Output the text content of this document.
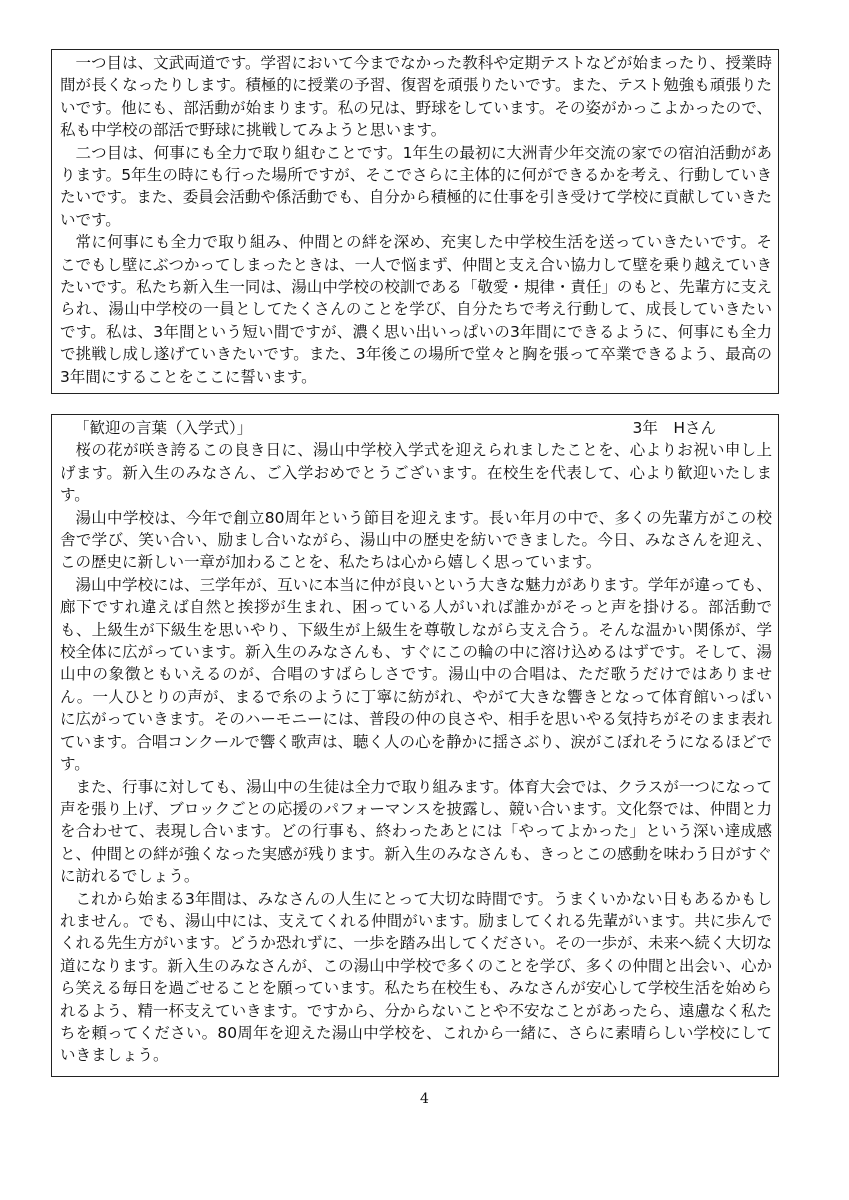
一つ目は、文武両道です。学習において今までなかった教科や定期テストなどが始まったり、授業時間が長くなったりします。積極的に授業の予習、復習を頑張りたいです。また、テスト勉強も頑張りたいです。他にも、部活動が始まります。私の兄は、野球をしています。その姿がかっこよかったので、私も中学校の部活で野球に挑戦してみようと思います。

二つ目は、何事にも全力で取り組むことです。1年生の最初に大洲青少年交流の家での宿泊活動があります。5年生の時にも行った場所ですが、そこでさらに主体的に何ができるかを考え、行動していきたいです。また、委員会活動や係活動でも、自分から積極的に仕事を引き受けて学校に貢献していきたいです。

常に何事にも全力で取り組み、仲間との絆を深め、充実した中学校生活を送っていきたいです。そこでもし壁にぶつかってしまったときは、一人で悩まず、仲間と支え合い協力して壁を乗り越えていきたいです。私たち新入生一同は、湯山中学校の校訓である「敬愛・規律・責任」のもと、先輩方に支えられ、湯山中学校の一員としてたくさんのことを学び、自分たちで考え行動して、成長していきたいです。私は、3年間という短い間ですが、濃く思い出いっぱいの3年間にできるように、何事にも全力で挑戦し成し遂げていきたいです。また、3年後この場所で堂々と胸を張って卒業できるよう、最高の3年間にすることをここに誓います。

「歓迎の言葉（入学式）」	3年　Hさん

桜の花が咲き誇るこの良き日に、湯山中学校入学式を迎えられましたことを、心よりお祝い申し上げます。新入生のみなさん、ご入学おめでとうございます。在校生を代表して、心より歓迎いたします。

湯山中学校は、今年で創立80周年という節目を迎えます。長い年月の中で、多くの先輩方がこの校舎で学び、笑い合い、励まし合いながら、湯山中の歴史を紡いできました。今日、みなさんを迎え、この歴史に新しい一章が加わることを、私たちは心から嬉しく思っています。

湯山中学校には、三学年が、互いに本当に仲が良いという大きな魅力があります。学年が違っても、廊下ですれ違えば自然と挨拶が生まれ、困っている人がいれば誰かがそっと声を掛ける。部活動でも、上級生が下級生を思いやり、下級生が上級生を尊敬しながら支え合う。そんな温かい関係が、学校全体に広がっています。新入生のみなさんも、すぐにこの輪の中に溶け込めるはずです。そして、湯山中の象徴ともいえるのが、合唱のすばらしさです。湯山中の合唱は、ただ歌うだけではありません。一人ひとりの声が、まるで糸のように丁寧に紡がれ、やがて大きな響きとなって体育館いっぱいに広がっていきます。そのハーモニーには、普段の仲の良さや、相手を思いやる気持ちがそのまま表れています。合唱コンクールで響く歌声は、聴く人の心を静かに揺さぶり、涙がこぼれそうになるほどです。

また、行事に対しても、湯山中の生徒は全力で取り組みます。体育大会では、クラスが一つになって声を張り上げ、ブロックごとの応援のパフォーマンスを披露し、競い合います。文化祭では、仲間と力を合わせて、表現し合います。どの行事も、終わったあとには「やってよかった」という深い達成感と、仲間との絆が強くなった実感が残ります。新入生のみなさんも、きっとこの感動を味わう日がすぐに訪れるでしょう。

これから始まる3年間は、みなさんの人生にとって大切な時間です。うまくいかない日もあるかもしれません。でも、湯山中には、支えてくれる仲間がいます。励ましてくれる先輩がいます。共に歩んでくれる先生方がいます。どうか恐れずに、一歩を踏み出してください。その一歩が、未来へ続く大切な道になります。新入生のみなさんが、この湯山中学校で多くのことを学び、多くの仲間と出会い、心から笑える毎日を過ごせることを願っています。私たち在校生も、みなさんが安心して学校生活を始められるよう、精一杯支えていきます。ですから、分からないことや不安なことがあったら、遠慮なく私たちを頼ってください。80周年を迎えた湯山中学校を、これから一緒に、さらに素晴らしい学校にしていきましょう。

4
